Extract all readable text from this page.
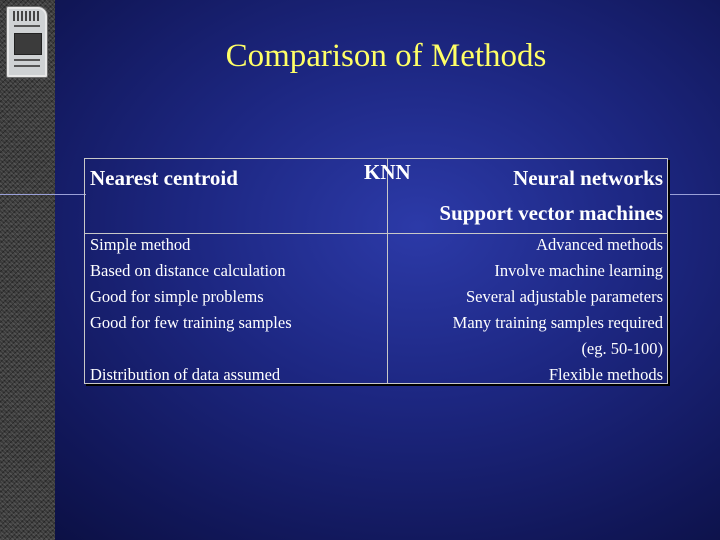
Comparison of Methods
Nearest centroid	KNN	Neural networks
Support vector machines
Simple method
Based on distance calculation
Good for simple problems
Good for few training samples
Distribution of data assumed
Advanced methods
Involve machine learning
Several adjustable parameters
Many training samples required
(eg. 50-100)
Flexible methods
